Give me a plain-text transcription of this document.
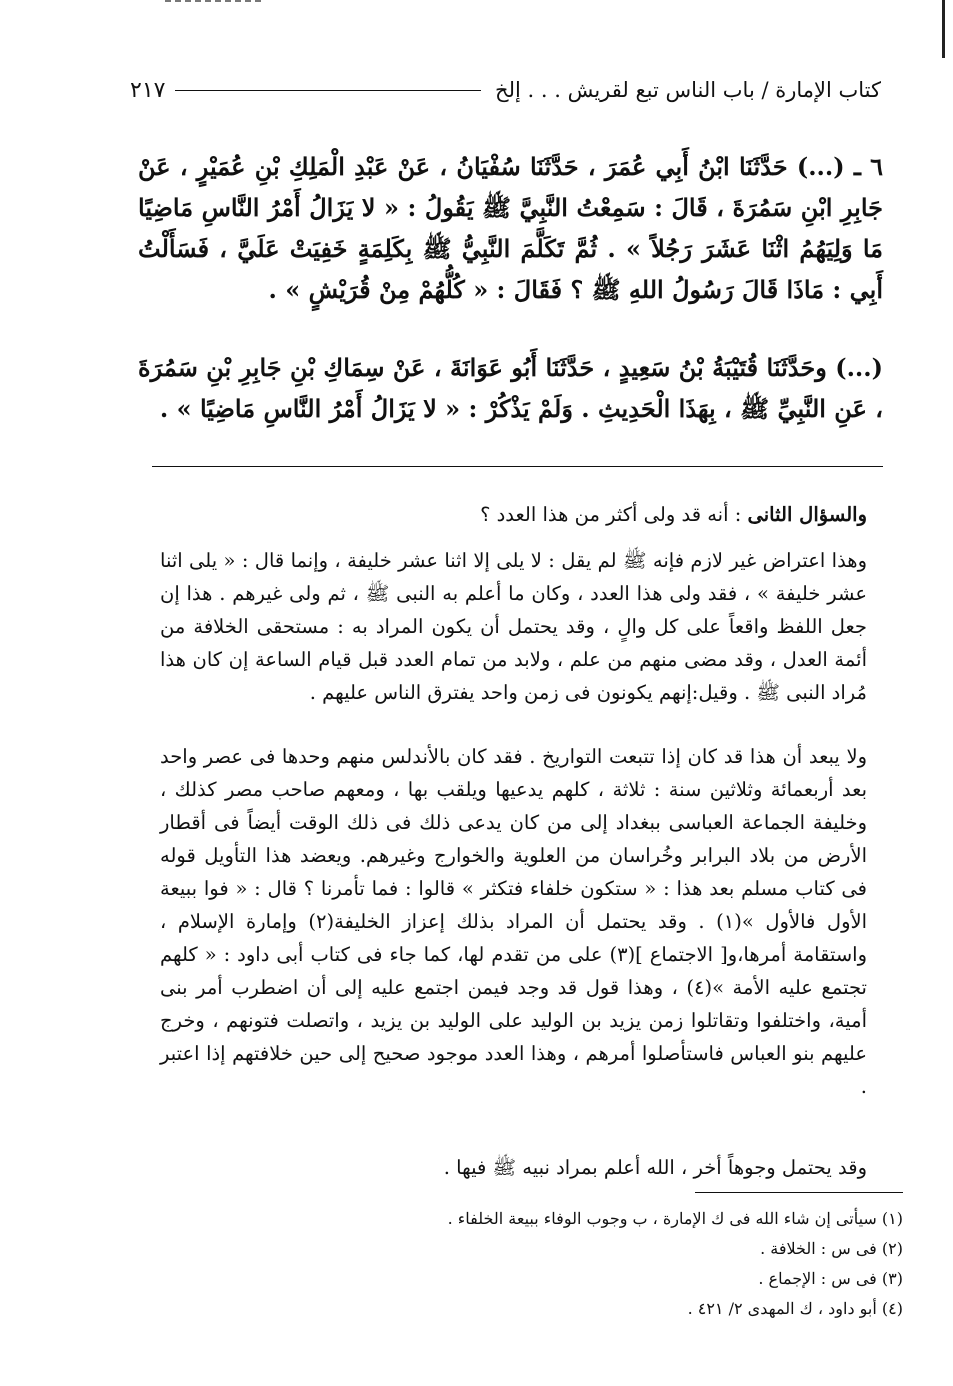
كتاب الإمارة / باب الناس تبع لقريش . . . إلخ
٢١٧

٦ ـ (...) حَدَّثَنَا ابْنُ أَبِي عُمَرَ ، حَدَّثَنَا سُفْيَانُ ، عَنْ عَبْدِ الْمَلِكِ بْنِ عُمَيْرٍ ، عَنْ جَابِرِ ابْنِ سَمُرَةَ ، قَالَ : سَمِعْتُ النَّبِيَّ ﷺ يَقُولُ : « لا يَزَالُ أَمْرُ النَّاسِ مَاضِيًا مَا وَلِيَهُمُ اثْنَا عَشَرَ رَجُلاً » . ثُمَّ تَكَلَّمَ النَّبِيُّ ﷺ بِكَلِمَةٍ خَفِيَتْ عَلَيَّ ، فَسَأَلْتُ أَبِي : مَاذَا قَالَ رَسُولُ اللهِ ﷺ ؟ فَقَالَ : « كُلُّهُمْ مِنْ قُرَيْشٍ » .

(...) وحَدَّثَنَا قُتَيْبَةُ بْنُ سَعِيدٍ ، حَدَّثَنَا أَبُو عَوَانَةَ ، عَنْ سِمَاكِ بْنِ جَابِرِ بْنِ سَمُرَةَ ، عَنِ النَّبِيِّ ﷺ ، بِهَذَا الْحَدِيثِ . وَلَمْ يَذْكُرْ : « لا يَزَالُ أَمْرُ النَّاسِ مَاضِيًا » .

والسؤال الثانى : أنه قد ولى أكثر من هذا العدد ؟

وهذا اعتراض غير لازم فإنه ﷺ لم يقل : لا يلى إلا اثنا عشر خليفة ، وإنما قال : « يلى اثنا عشر خليفة » ، فقد ولى هذا العدد ، وكان ما أعلم به النبى ﷺ ، ثم ولى غيرهم . هذا إن جعل اللفظ واقعاً على كل والٍ ، وقد يحتمل أن يكون المراد به : مستحقى الخلافة من أئمة العدل ، وقد مضى منهم من علم ، ولابد من تمام العدد قبل قيام الساعة إن كان هذا مُراد النبى ﷺ . وقيل:إنهم يكونون فى زمن واحد يفترق الناس عليهم .

ولا يبعد أن هذا قد كان إذا تتبعت التواريخ . فقد كان بالأندلس منهم وحدها فى عصر واحد بعد أربعمائة وثلاثين سنة : ثلاثة ، كلهم يدعيها ويلقب بها ، ومعهم صاحب مصر كذلك ، وخليفة الجماعة العباسى ببغداد إلى من كان يدعى ذلك فى ذلك الوقت أيضاً فى أقطار الأرض من بلاد البرابر وخُراسان من العلوية والخوارج وغيرهم. ويعضد هذا التأويل قوله فى كتاب مسلم بعد هذا : « ستكون خلفاء فتكثر » قالوا : فما تأمرنا ؟ قال : « فوا ببيعة الأول فالأول »(١) . وقد يحتمل أن المراد بذلك إعزاز الخليفة(٢) وإمارة الإسلام ، واستقامة أمرها،و[ الاجتماع ](٣) على من تقدم لها، كما جاء فى كتاب أبى داود : « كلهم تجتمع عليه الأمة »(٤) ، وهذا قول قد وجد فيمن اجتمع عليه إلى أن اضطرب أمر بنى أمية، واختلفوا وتقاتلوا زمن يزيد بن الوليد على الوليد بن يزيد ، واتصلت فتونهم ، وخرج عليهم بنو العباس فاستأصلوا أمرهم ، وهذا العدد موجود صحيح إلى حين خلافتهم إذا اعتبر .

وقد يحتمل وجوهاً أخر ، الله أعلم بمراد نبيه ﷺ فيها .

(١) سيأتى إن شاء الله فى ك الإمارة ، ب وجوب الوفاء ببيعة الخلفاء .
(٢) فى س : الخلافة .
(٣) فى س : الإجماع .
(٤) أبو داود ، ك المهدى ٢/ ٤٢١ .
